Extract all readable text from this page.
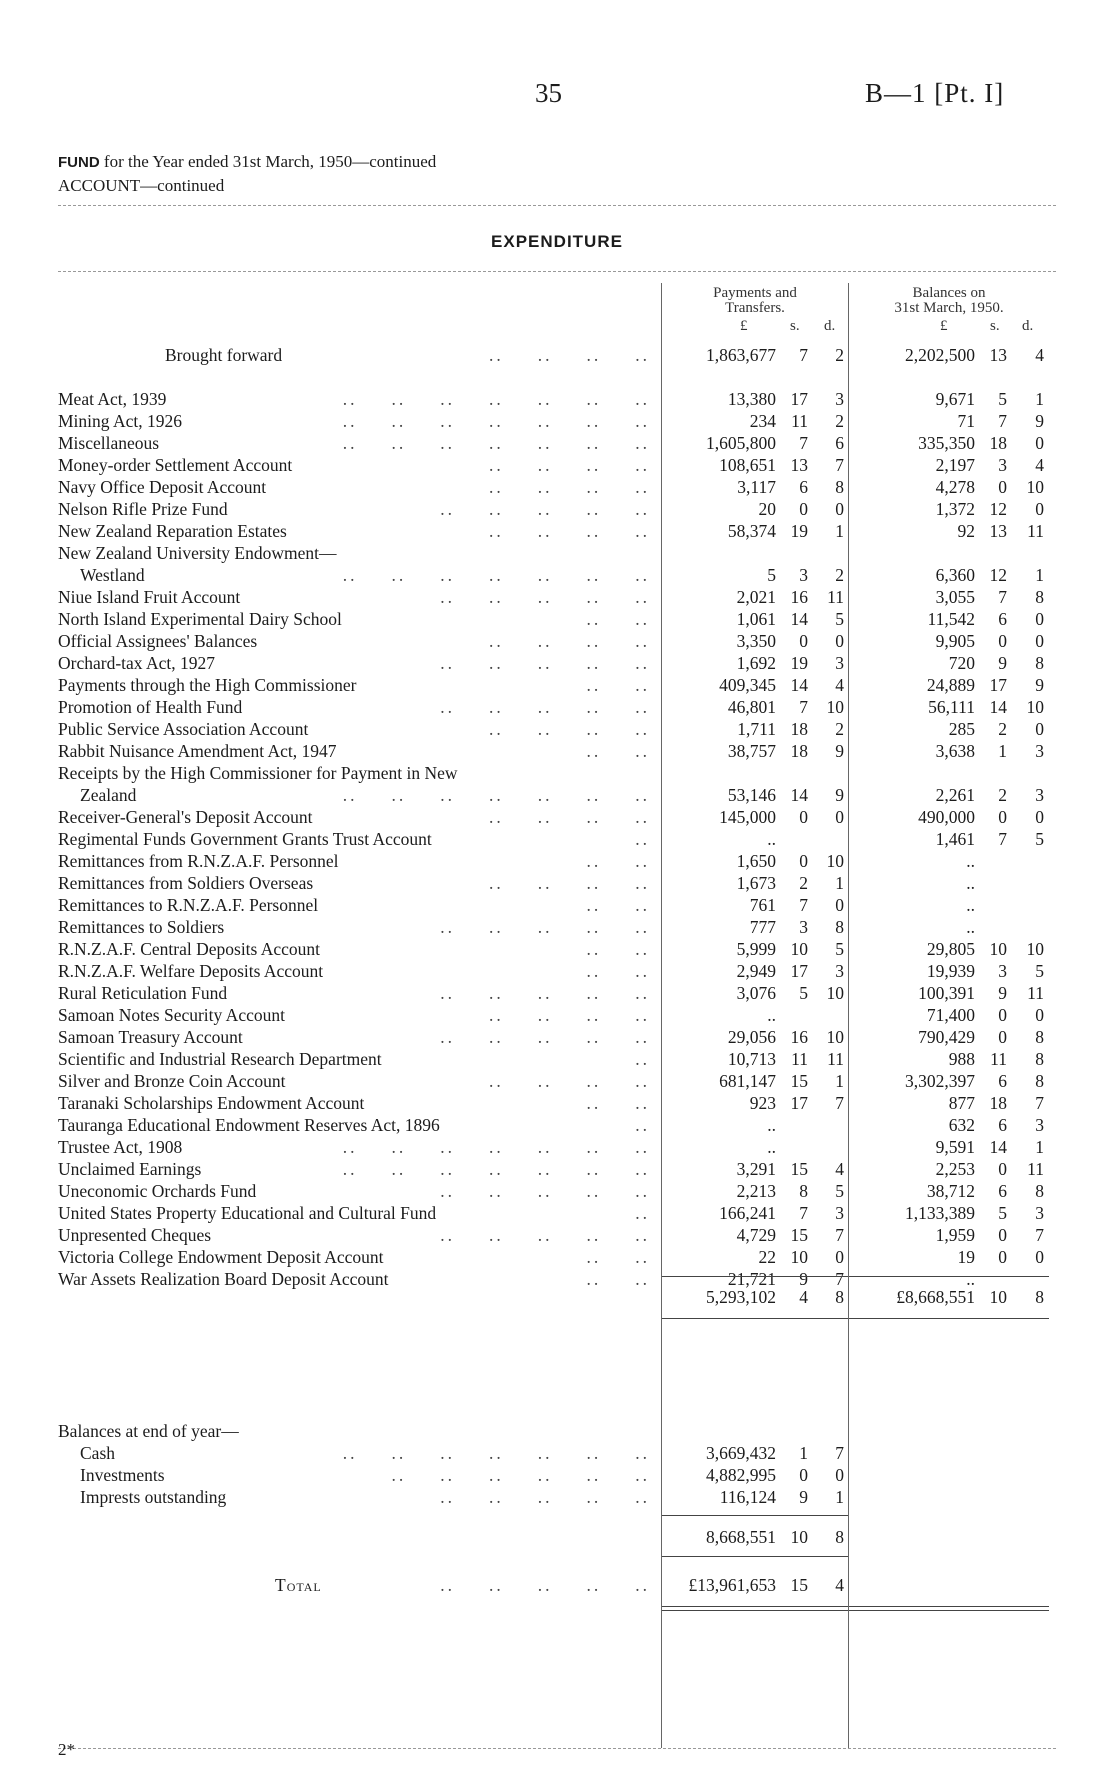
35	B—1 [Pt. I]
FUND for the Year ended 31st March, 1950—continued
ACCOUNT—continued
EXPENDITURE
Payments and
Transfers.
Balances on
31st March, 1950.
£	s. d.	£	s. d.
Brought forward	.. .. .. ..	1,863,677	7	2	2,202,500 13	4
Meat Act, 1939	.. .. .. .. .. .. ..	13,380 17	3	9,671	5	1
Mining Act, 1926	.. .. .. .. .. .. ..	234 11	2	71	7	9
Miscellaneous	.. .. .. .. .. .. ..	1,605,800	7	6	335,350 18	0
Money-order Settlement Account	.. .. .. ..	108,651 13	7	2,197	3	4
Navy Office Deposit Account	.. .. .. ..	3,117	6	8	4,278	0	10
Nelson Rifle Prize Fund	.. .. .. .. ..	20	0	0	1,372 12	0
New Zealand Reparation Estates	.. .. .. ..	58,374 19	1	92 13	11
New Zealand University Endowment—
Westland	.. .. .. .. .. .. ..	5	3	2	6,360 12	1
Niue Island Fruit Account	.. .. .. .. ..	2,021 16	11	3,055	7	8
North Island Experimental Dairy School	.. ..	1,061 14	5	11,542	6	0
Official Assignees' Balances	.. .. .. ..	3,350	0	0	9,905	0	0
Orchard-tax Act, 1927	.. .. .. .. ..	1,692 19	3	720	9	8
Payments through the High Commissioner	.. ..	409,345 14	4	24,889 17	9
Promotion of Health Fund	.. .. .. .. ..	46,801	7	10	56,111 14	10
Public Service Association Account	.. .. .. ..	1,711 18	2	285	2	0
Rabbit Nuisance Amendment Act, 1947	.. ..	38,757 18	9	3,638	1	3
Receipts by the High Commissioner for Payment in New
Zealand	.. .. .. .. .. .. ..	53,146 14	9	2,261	2	3
Receiver-General's Deposit Account	.. .. .. ..	145,000	0	0	490,000	0	0
Regimental Funds Government Grants Trust Account	..	..	1,461	7	5
Remittances from R.N.Z.A.F. Personnel	.. ..	1,650	0	10	..
Remittances from Soldiers Overseas	.. .. .. ..	1,673	2	1	..
Remittances to R.N.Z.A.F. Personnel	.. ..	761	7	0	..
Remittances to Soldiers	.. .. .. .. ..	777	3	8	..
R.N.Z.A.F. Central Deposits Account	.. ..	5,999 10	5	29,805 10	10
R.N.Z.A.F. Welfare Deposits Account	.. ..	2,949 17	3	19,939	3	5
Rural Reticulation Fund	.. .. .. .. ..	3,076	5	10	100,391	9	11
Samoan Notes Security Account	.. .. .. ..	..	71,400	0	0
Samoan Treasury Account	.. .. .. .. ..	29,056 16	10	790,429	0	8
Scientific and Industrial Research Department	..	10,713 11	11	988 11	8
Silver and Bronze Coin Account	.. .. .. ..	681,147 15	1	3,302,397	6	8
Taranaki Scholarships Endowment Account	.. ..	923 17	7	877 18	7
Tauranga Educational Endowment Reserves Act, 1896	..	..	632	6	3
Trustee Act, 1908	.. .. .. .. .. .. ..	..	9,591 14	1
Unclaimed Earnings	.. .. .. .. .. .. ..	3,291 15	4	2,253	0	11
Uneconomic Orchards Fund	.. .. .. .. ..	2,213	8	5	38,712	6	8
United States Property Educational and Cultural Fund	..	166,241	7	3	1,133,389	5	3
Unpresented Cheques	.. .. .. .. ..	4,729 15	7	1,959	0	7
Victoria College Endowment Deposit Account	.. ..	22 10	0	19	0	0
War Assets Realization Board Deposit Account	.. ..	21,721	9	7	..
5,293,102	4	8	£8,668,551 10	8
Balances at end of year—
Cash	.. .. .. .. .. .. ..	3,669,432	1	7
Investments	.. .. .. .. .. ..	4,882,995	0	0
Imprests outstanding	.. .. .. .. ..	116,124	9	1
8,668,551 10	8
Total	.. .. .. .. ..	£13,961,653 15	4
2*
